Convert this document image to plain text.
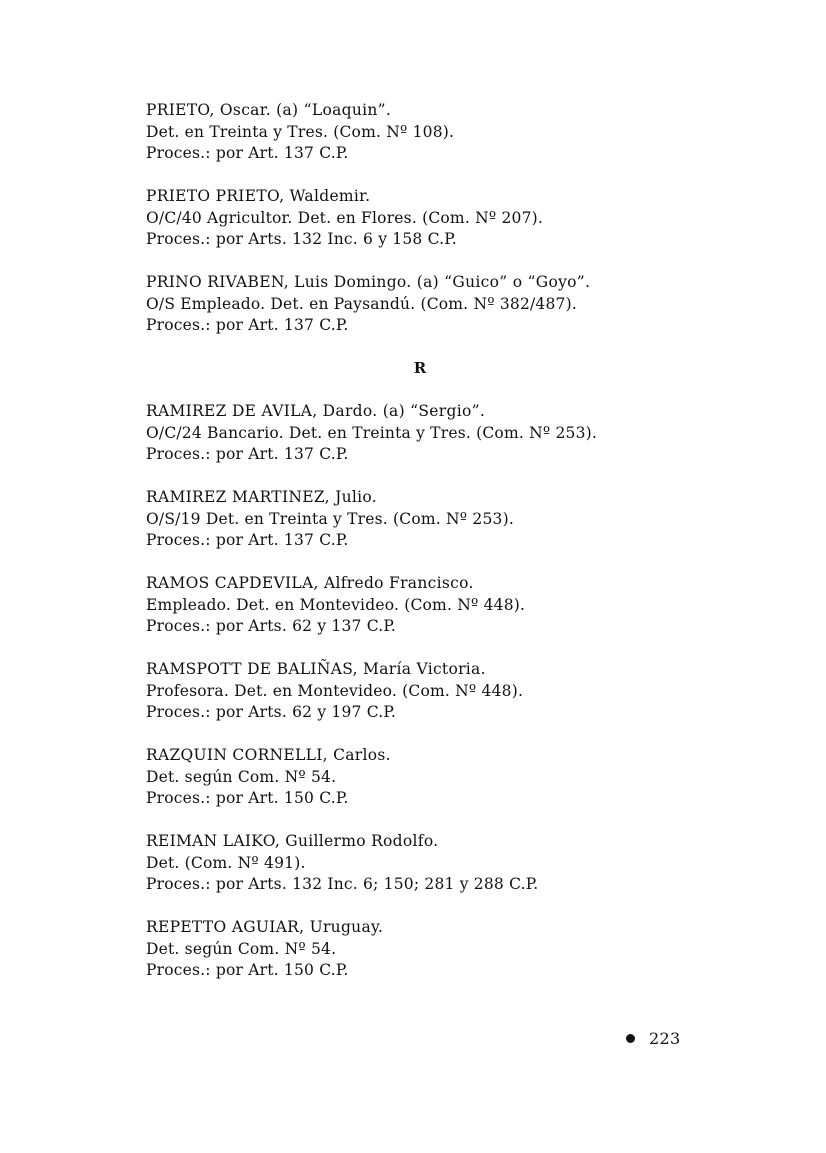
PRIETO, Oscar. (a) “Loaquin”.
Det. en Treinta y Tres. (Com. Nº 108).
Proces.: por Art. 137 C.P.
PRIETO PRIETO, Waldemir.
O/C/40 Agricultor. Det. en Flores. (Com. Nº 207).
Proces.: por Arts. 132 Inc. 6 y 158 C.P.
PRINO RIVABEN, Luis Domingo. (a) “Guico” o “Goyo”.
O/S Empleado. Det. en Paysandú. (Com. Nº 382/487).
Proces.: por Art. 137 C.P.
R
RAMIREZ DE AVILA, Dardo. (a) “Sergio”.
O/C/24 Bancario. Det. en Treinta y Tres. (Com. Nº 253).
Proces.: por Art. 137 C.P.
RAMIREZ MARTINEZ, Julio.
O/S/19 Det. en Treinta y Tres. (Com. Nº 253).
Proces.: por Art. 137 C.P.
RAMOS CAPDEVILA, Alfredo Francisco.
Empleado. Det. en Montevideo. (Com. Nº 448).
Proces.: por Arts. 62 y 137 C.P.
RAMSPOTT DE BALIÑAS, María Victoria.
Profesora. Det. en Montevideo. (Com. Nº 448).
Proces.: por Arts. 62 y 197 C.P.
RAZQUIN CORNELLI, Carlos.
Det. según Com. Nº 54.
Proces.: por Art. 150 C.P.
REIMAN LAIKO, Guillermo Rodolfo.
Det. (Com. Nº 491).
Proces.: por Arts. 132 Inc. 6; 150; 281 y 288 C.P.
REPETTO AGUIAR, Uruguay.
Det. según Com. Nº 54.
Proces.: por Art. 150 C.P.
223
